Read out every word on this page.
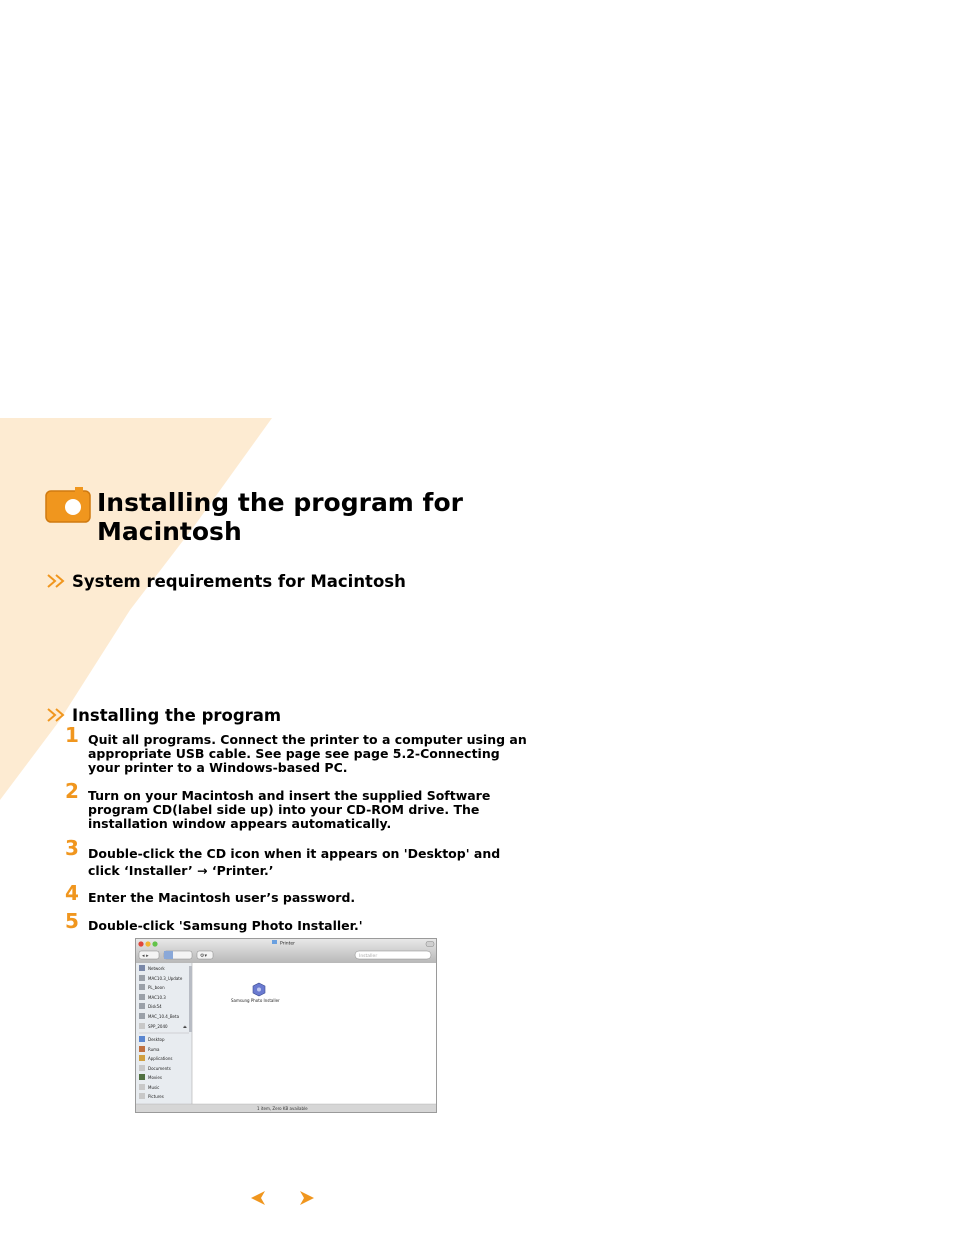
Installing the program for Macintosh
System requirements for Macintosh
Installing the program
1 Quit all programs. Connect the printer to a computer using an appropriate USB cable. See page see page 5.2-Connecting your printer to a Windows-based PC.
2 Turn on your Macintosh and insert the supplied Software program CD(label side up) into your CD-ROM drive. The installation window appears automatically.
3 Double-click the CD icon when it appears on 'Desktop' and click ‘Installer’ → ‘Printer.’
4 Enter the Macintosh user’s password.
5 Double-click 'Samsung Photo Installer.'
Printer
◂ ▸	⚙▾	Installer
Network
MAC10.3_Update
PL_boon
MAC10.3
Disk54
MAC_10.4_Beta
SPP_2040	⏏
Desktop
Ruma
Applications
Documents
Movies
Music
Pictures
Samsung Photo Installer
1 item, Zero KB available
